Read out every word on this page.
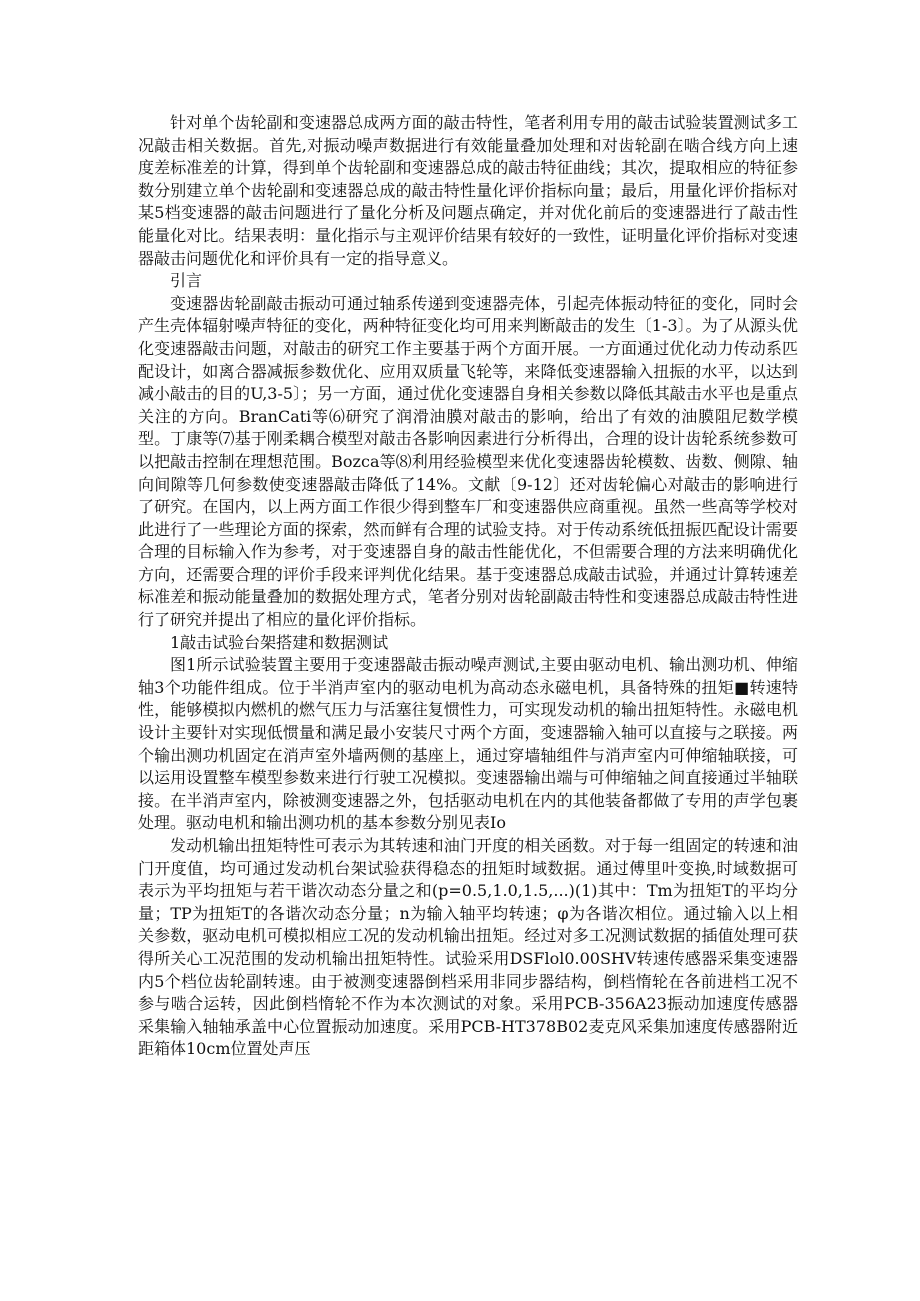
针对单个齿轮副和变速器总成两方面的敲击特性，笔者利用专用的敲击试验装置测试多工况敲击相关数据。首先,对振动噪声数据进行有效能量叠加处理和对齿轮副在啮合线方向上速度差标准差的计算，得到单个齿轮副和变速器总成的敲击特征曲线；其次，提取相应的特征参数分别建立单个齿轮副和变速器总成的敲击特性量化评价指标向量；最后，用量化评价指标对某5档变速器的敲击问题进行了量化分析及问题点确定，并对优化前后的变速器进行了敲击性能量化对比。结果表明：量化指示与主观评价结果有较好的一致性，证明量化评价指标对变速器敲击问题优化和评价具有一定的指导意义。

引言

变速器齿轮副敲击振动可通过轴系传递到变速器壳体，引起壳体振动特征的变化，同时会产生壳体辐射噪声特征的变化，两种特征变化均可用来判断敲击的发生〔1-3〕。为了从源头优化变速器敲击问题，对敲击的研究工作主要基于两个方面开展。一方面通过优化动力传动系匹配设计，如离合器减振参数优化、应用双质量飞轮等，来降低变速器输入扭振的水平，以达到减小敲击的目的U,3-5〕；另一方面，通过优化变速器自身相关参数以降低其敲击水平也是重点关注的方向。BranCati等⑹研究了润滑油膜对敲击的影响，给出了有效的油膜阻尼数学模型。丁康等⑺基于刚柔耦合模型对敲击各影响因素进行分析得出，合理的设计齿轮系统参数可以把敲击控制在理想范围。Bozca等⑻利用经验模型来优化变速器齿轮模数、齿数、侧隙、轴向间隙等几何参数使变速器敲击降低了14%。文献〔9-12〕还对齿轮偏心对敲击的影响进行了研究。在国内，以上两方面工作很少得到整车厂和变速器供应商重视。虽然一些高等学校对此进行了一些理论方面的探索，然而鲜有合理的试验支持。对于传动系统低扭振匹配设计需要合理的目标输入作为参考，对于变速器自身的敲击性能优化，不但需要合理的方法来明确优化方向，还需要合理的评价手段来评判优化结果。基于变速器总成敲击试验，并通过计算转速差标准差和振动能量叠加的数据处理方式，笔者分别对齿轮副敲击特性和变速器总成敲击特性进行了研究并提出了相应的量化评价指标。

1敲击试验台架搭建和数据测试

图1所示试验装置主要用于变速器敲击振动噪声测试,主要由驱动电机、输出测功机、伸缩轴3个功能件组成。位于半消声室内的驱动电机为高动态永磁电机，具备特殊的扭矩■转速特性，能够模拟内燃机的燃气压力与活塞往复惯性力，可实现发动机的输出扭矩特性。永磁电机设计主要针对实现低惯量和满足最小安装尺寸两个方面，变速器输入轴可以直接与之联接。两个输出测功机固定在消声室外墙两侧的基座上，通过穿墙轴组件与消声室内可伸缩轴联接，可以运用设置整车模型参数来进行行驶工况模拟。变速器输出端与可伸缩轴之间直接通过半轴联接。在半消声室内，除被测变速器之外，包括驱动电机在内的其他装备都做了专用的声学包裹处理。驱动电机和输出测功机的基本参数分别见表Io

发动机输出扭矩特性可表示为其转速和油门开度的相关函数。对于每一组固定的转速和油门开度值，均可通过发动机台架试验获得稳态的扭矩时域数据。通过傅里叶变换,时域数据可表示为平均扭矩与若干谐次动态分量之和(p=0.5,1.0,1.5,...)(1)其中：Tm为扭矩T的平均分量；TP为扭矩T的各谐次动态分量；n为输入轴平均转速；φ为各谐次相位。通过输入以上相关参数，驱动电机可模拟相应工况的发动机输出扭矩。经过对多工况测试数据的插值处理可获得所关心工况范围的发动机输出扭矩特性。试验采用DSFlol0.00SHV转速传感器采集变速器内5个档位齿轮副转速。由于被测变速器倒档采用非同步器结构，倒档惰轮在各前进档工况不参与啮合运转，因此倒档惰轮不作为本次测试的对象。采用PCB-356A23振动加速度传感器采集输入轴轴承盖中心位置振动加速度。采用PCB-HT378B02麦克风采集加速度传感器附近距箱体10cm位置处声压
